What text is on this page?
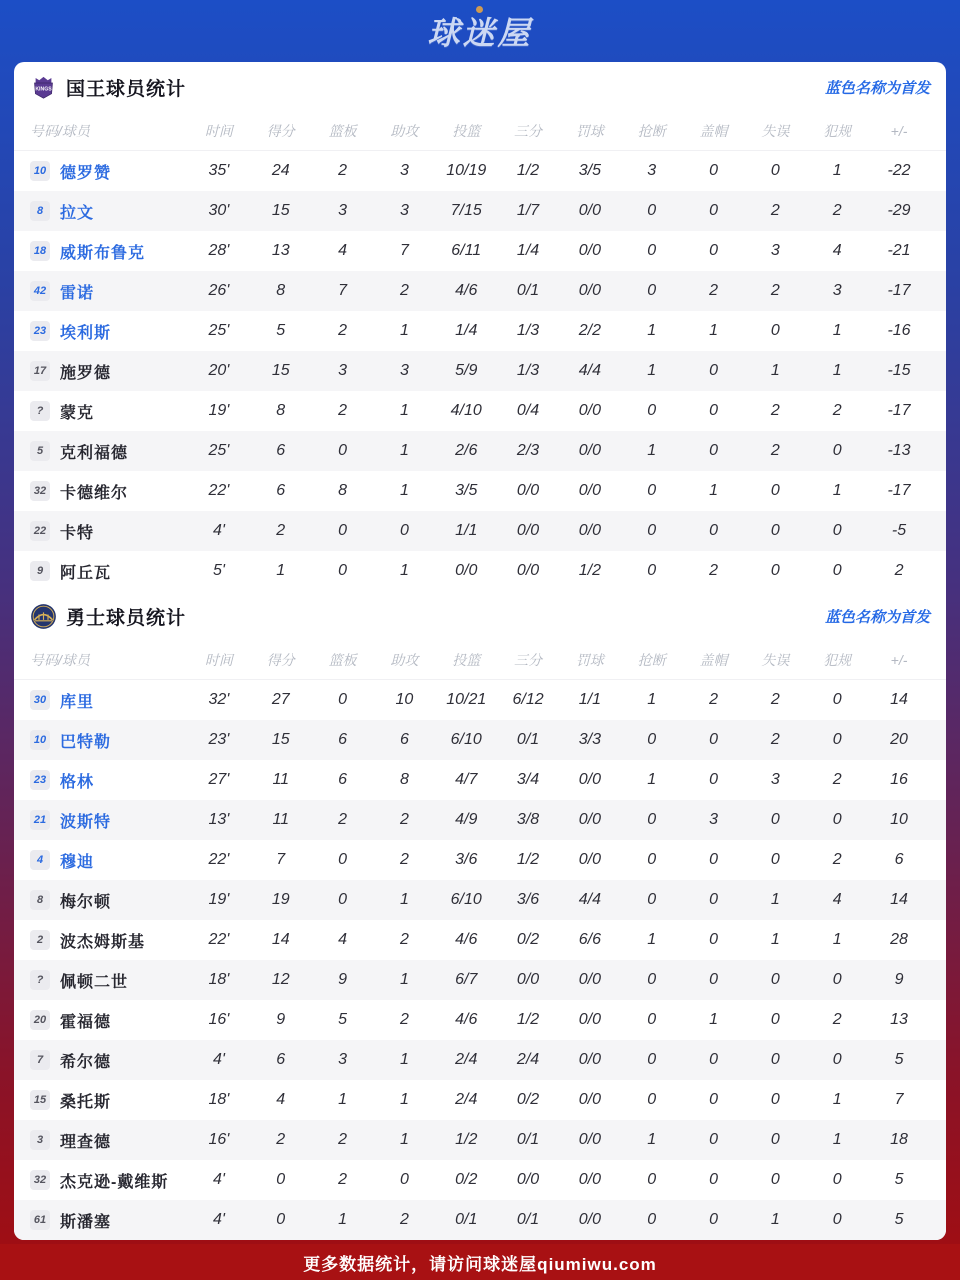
球迷屋
KINGS 国王球员统计	蓝色名称为首发
号码/球员	时间	得分	篮板	助攻	投篮	三分	罚球	抢断	盖帽	失误	犯规	+/-
10 德罗赞	35'	24	2	3	10/19	1/2	3/5	3	0	0	1	-22
8	拉文	30'	15	3	3	7/15	1/7	0/0	0	0	2	2	-29
18 威斯布鲁克	28'	13	4	7	6/11	1/4	0/0	0	0	3	4	-21
42 雷诺	26'	8	7	2	4/6	0/1	0/0	0	2	2	3	-17
23 埃利斯	25'	5	2	1	1/4	1/3	2/2	1	1	0	1	-16
17 施罗德	20'	15	3	3	5/9	1/3	4/4	1	0	1	1	-15
?	蒙克	19'	8	2	1	4/10	0/4	0/0	0	0	2	2	-17
5	克利福德	25'	6	0	1	2/6	2/3	0/0	1	0	2	0	-13
32 卡德维尔	22'	6	8	1	3/5	0/0	0/0	0	1	0	1	-17
22 卡特	4'	2	0	0	1/1	0/0	0/0	0	0	0	0	-5
9	阿丘瓦	5'	1	0	1	0/0	0/0	1/2	0	2	0	0	2
勇士球员统计	蓝色名称为首发
号码/球员	时间	得分	篮板	助攻	投篮	三分	罚球	抢断	盖帽	失误	犯规	+/-
30 库里	32'	27	0	10	10/21	6/12	1/1	1	2	2	0	14
10 巴特勒	23'	15	6	6	6/10	0/1	3/3	0	0	2	0	20
23 格林	27'	11	6	8	4/7	3/4	0/0	1	0	3	2	16
21 波斯特	13'	11	2	2	4/9	3/8	0/0	0	3	0	0	10
4	穆迪	22'	7	0	2	3/6	1/2	0/0	0	0	0	2	6
8	梅尔顿	19'	19	0	1	6/10	3/6	4/4	0	0	1	4	14
2	波杰姆斯基	22'	14	4	2	4/6	0/2	6/6	1	0	1	1	28
?	佩顿二世	18'	12	9	1	6/7	0/0	0/0	0	0	0	0	9
20 霍福德	16'	9	5	2	4/6	1/2	0/0	0	1	0	2	13
7	希尔德	4'	6	3	1	2/4	2/4	0/0	0	0	0	0	5
15 桑托斯	18'	4	1	1	2/4	0/2	0/0	0	0	0	1	7
3	理查德	16'	2	2	1	1/2	0/1	0/0	1	0	0	1	18
32 杰克逊-戴维斯	4'	0	2	0	0/2	0/0	0/0	0	0	0	0	5
61 斯潘塞	4'	0	1	2	0/1	0/1	0/0	0	0	1	0	5
更多数据统计，请访问球迷屋qiumiwu.com
